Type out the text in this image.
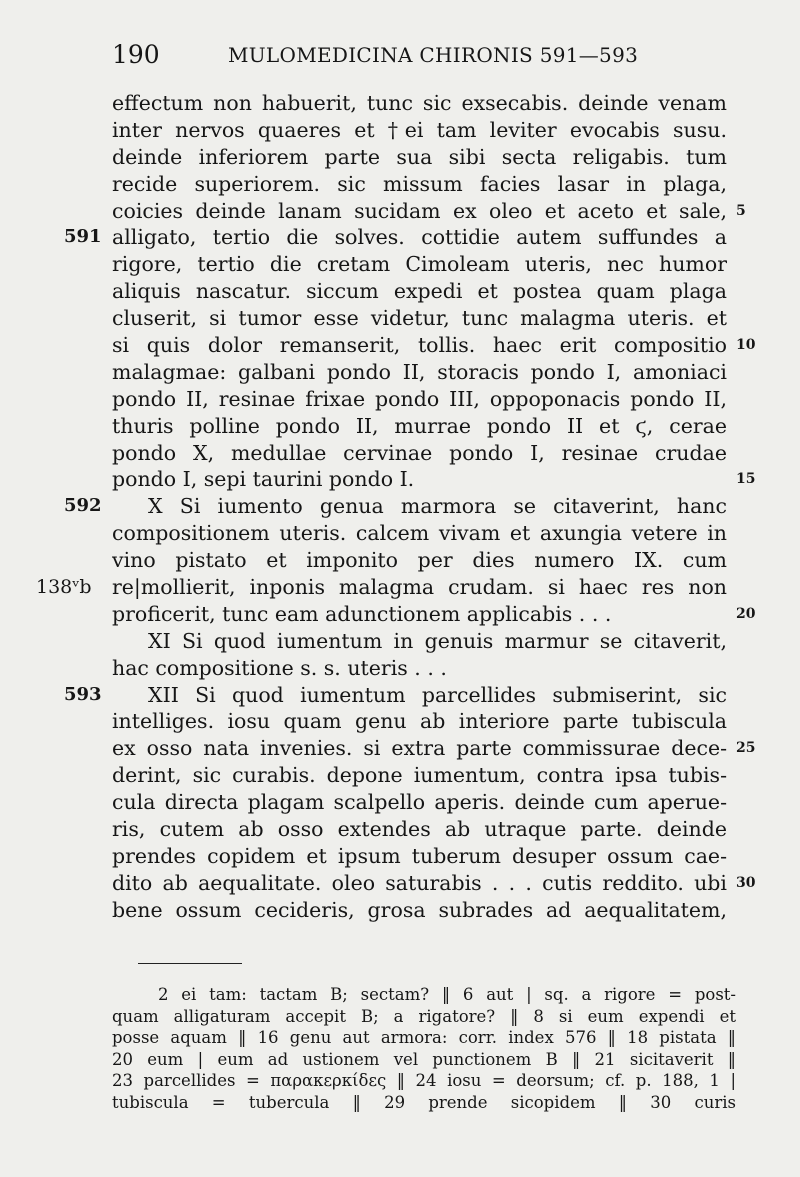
190	MULOMEDICINA CHIRONIS 591—593
effectum non habuerit, tunc sic exsecabis. deinde venam
inter nervos quaeres et †ei tam leviter evocabis susu.
deinde inferiorem parte sua sibi secta religabis. tum
recide superiorem. sic missum facies lasar in plaga,
coicies deinde lanam sucidam ex oleo et aceto et sale, 5
591 alligato, tertio die solves. cottidie autem suffundes a
rigore, tertio die cretam Cimoleam uteris, nec humor
aliquis nascatur. siccum expedi et postea quam plaga
cluserit, si tumor esse videtur, tunc malagma uteris. et
si quis dolor remanserit, tollis. haec erit compositio 10
malagmae: galbani pondo II, storacis pondo I, amoniaci
pondo II, resinae frixae pondo III, oppoponacis pondo II,
thuris polline pondo II, murrae pondo II et ϛ, cerae
pondo X, medullae cervinae pondo I, resinae crudae
pondo I, sepi taurini pondo I.	15
592 X Si iumento genua marmora se citaverint, hanc
compositionem uteris. calcem vivam et axungia vetere in
vino pistato et imponito per dies numero IX. cum
138ᵛb re|mollierit, inponis malagma crudam. si haec res non
proficerit, tunc eam adunctionem applicabis . . .	20
XI Si quod iumentum in genuis marmur se citaverit,
hac compositione s. s. uteris . . .
593 XII Si quod iumentum parcellides submiserint, sic
intelliges. iosu quam genu ab interiore parte tubiscula
ex osso nata invenies. si extra parte commissurae dece- 25
derint, sic curabis. depone iumentum, contra ipsa tubis-
cula directa plagam scalpello aperis. deinde cum aperue-
ris, cutem ab osso extendes ab utraque parte. deinde
prendes copidem et ipsum tuberum desuper ossum cae-
dito ab aequalitate. oleo saturabis . . . cutis reddito. ubi 30
bene ossum cecideris, grosa subrades ad aequalitatem,
2 ei tam: tactam B; sectam? ‖ 6 aut | sq. a rigore = post-
quam alligaturam accepit B; a rigatore? ‖ 8 si eum expendi et
posse aquam ‖ 16 genu aut armora: corr. index 576 ‖ 18 pistata ‖
20 eum | eum ad ustionem vel punctionem B ‖ 21 sicitaverit ‖
23 parcellides = παρακερκίδες ‖ 24 iosu = deorsum; cf. p. 188, 1 |
tubiscula = tubercula ‖ 29 prende sicopidem ‖ 30 curis
